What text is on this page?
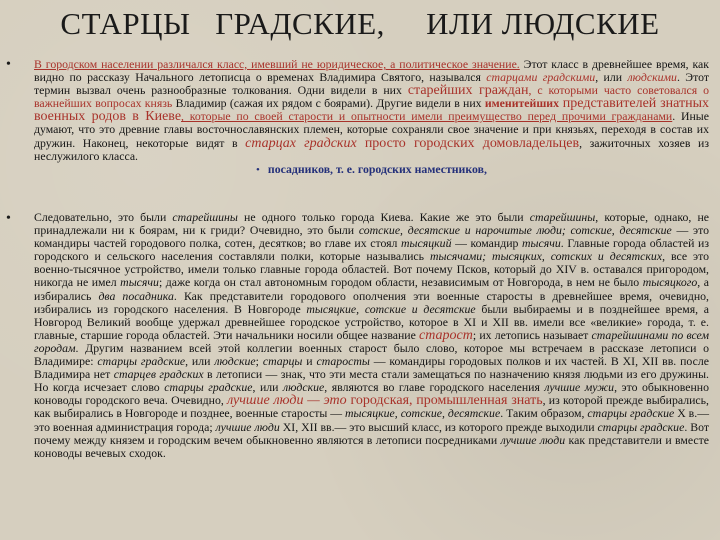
СТАРЦЫ   ГРАДСКИЕ,     ИЛИ ЛЮДСКИЕ
• В городском населении различался класс, имевший не юридическое, а политическое значение. Этот класс в древнейшее время, как видно по рассказу Начального летописца о временах Владимира Святого, назывался старцами градскими, или людскими. Этот термин вызвал очень разнообразные толкования. Одни видели в них старейших граждан, с которыми часто советовался о важнейших вопросах князь Владимир (сажая их рядом с боярами). Другие видели в них именитейших представителей знатных военных родов в Киеве, которые по своей старости и опытности имели преимущество перед прочими гражданами. Иные думают, что это древние главы восточнославянских племен, которые сохраняли свое значение и при князьях, переходя в состав их дружин. Наконец, некоторые видят в старцах градских просто городских домовладельцев, зажиточных хозяев из неслужилого класса.
• посадников, т. е. городских наместников,
• Следовательно, это были старейшины не одного только города Киева. Какие же это были старейшины, которые, однако, не принадлежали ни к боярам, ни к гриди? Очевидно, это были сотские, десятские и нарочитые люди; сотские, десятские — это командиры частей городового полка, сотен, десятков; во главе их стоял тысяцкий — командир тысячи. Главные города областей из городского и сельского населения составляли полки, которые назывались тысячами; тысяцких, сотских и десятских, все это военно-тысячное устройство, имели только главные города областей. Вот почему Псков, который до XIV в. оставался пригородом, никогда не имел тысячи; даже когда он стал автономным городом области, независимым от Новгорода, в нем не было тысяцкого, а избирались два посадника. Как представители городового ополчения эти военные старосты в древнейшее время, очевидно, избирались из городского населения. В Новгороде тысяцкие, сотские и десятские были выбираемы и в позднейшее время, а Новгород Великий вообще удержал древнейшее городское устройство, которое в XI и XII вв. имели все «великие» города, т. е. главные, старшие города областей. Эти начальники носили общее название старост; их летопись называет старейшинами по всем городам. Другим названием всей этой коллегии военных старост было слово, которое мы встречаем в рассказе летописи о Владимире: старцы градские, или людские; старцы и старосты — командиры городовых полков и их частей. В XI, XII вв. после Владимира нет старцев градских в летописи — знак, что эти места стали замещаться по назначению князя людьми из его дружины. Но когда исчезает слово старцы градские, или людские, являются во главе городского населения лучшие мужи, это обыкновенно коноводы городского веча. Очевидно, лучшие люди — это городская, промышленная знать, из которой прежде выбирались, как выбирались в Новгороде и позднее, военные старосты — тысяцкие, сотские, десятские. Таким образом, старцы градские X в.— это военная администрация города; лучшие люди XI, XII вв.— это высший класс, из которого прежде выходили старцы градские. Вот почему между князем и городским вечем обыкновенно являются в летописи посредниками лучшие люди как представители и вместе коноводы вечевых сходок.
